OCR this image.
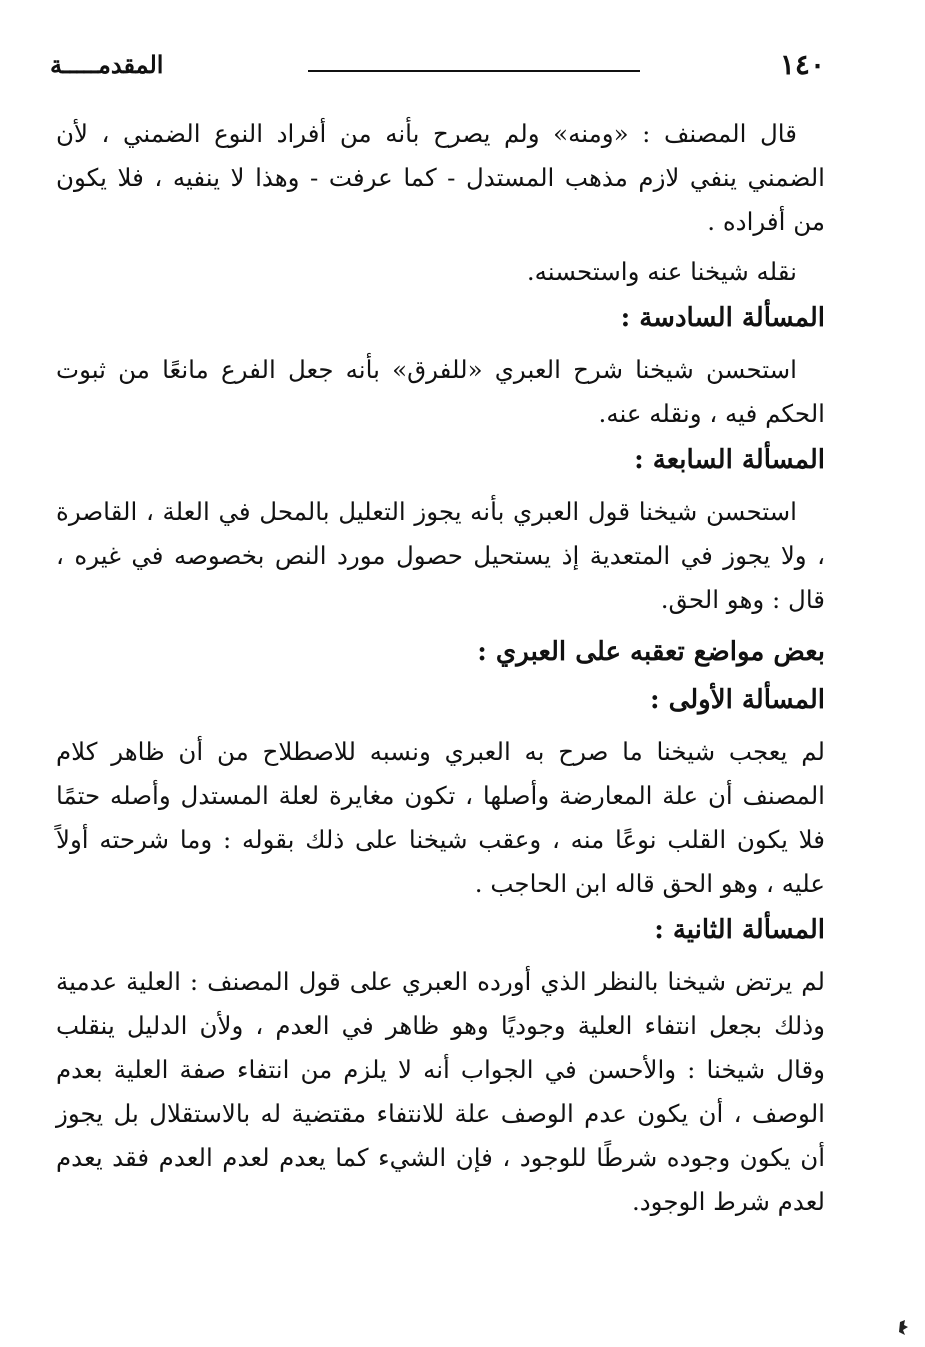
١٤٠
المقدمـــــة

قال المصنف : «ومنه» ولم يصرح بأنه من أفراد النوع الضمني ، لأن الضمني ينفي لازم مذهب المستدل - كما عرفت - وهذا لا ينفيه ، فلا يكون من أفراده .

نقله شيخنا عنه واستحسنه.

المسألة السادسة :

استحسن شيخنا شرح العبري «للفرق» بأنه جعل الفرع مانعًا من ثبوت الحكم فيه ، ونقله عنه.

المسألة السابعة :

استحسن شيخنا قول العبري بأنه يجوز التعليل بالمحل في العلة ، القاصرة ، ولا يجوز في المتعدية إذ يستحيل حصول مورد النص بخصوصه في غيره ، قال : وهو الحق.

بعض مواضع تعقبه على العبري :

المسألة الأولى :

لم يعجب شيخنا ما صرح به العبري ونسبه للاصطلاح من أن ظاهر كلام المصنف أن علة المعارضة وأصلها ، تكون مغايرة لعلة المستدل وأصله حتمًا فلا يكون القلب نوعًا منه ، وعقب شيخنا على ذلك بقوله : وما شرحته أولاً عليه ، وهو الحق قاله ابن الحاجب .

المسألة الثانية :

لم يرتض شيخنا بالنظر الذي أورده العبري على قول المصنف : العلية عدمية وذلك بجعل انتفاء العلية وجوديًا وهو ظاهر في العدم ، ولأن الدليل ينقلب وقال شيخنا : والأحسن في الجواب أنه لا يلزم من انتفاء صفة العلية بعدم الوصف ، أن يكون عدم الوصف علة للانتفاء مقتضية له بالاستقلال بل يجوز أن يكون وجوده شرطًا للوجود ، فإن الشيء كما يعدم لعدم العدم فقد يعدم لعدم شرط الوجود.
